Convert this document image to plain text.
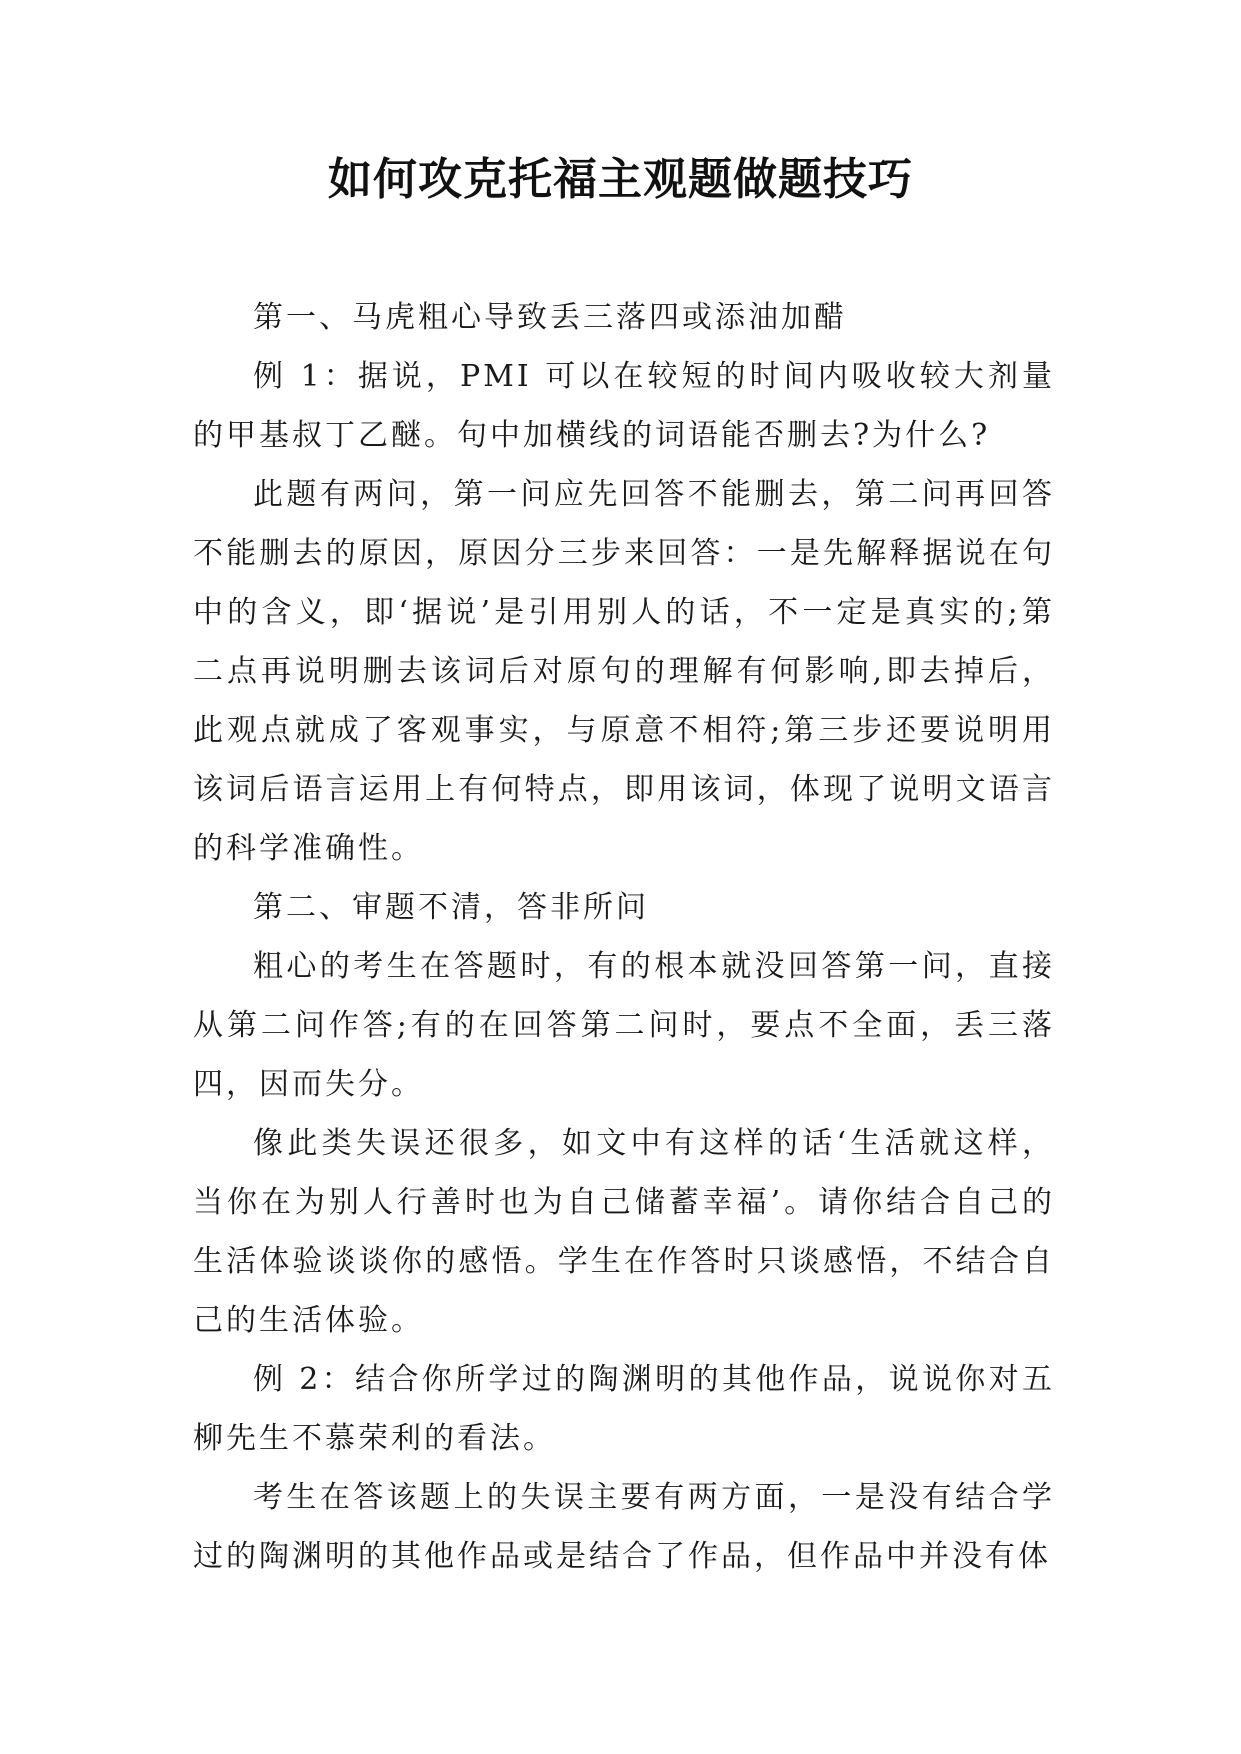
如何攻克托福主观题做题技巧

第一、马虎粗心导致丢三落四或添油加醋

例 1：据说，PMI 可以在较短的时间内吸收较大剂量的甲基叔丁乙醚。句中加横线的词语能否删去?为什么?

此题有两问，第一问应先回答不能删去，第二问再回答不能删去的原因，原因分三步来回答：一是先解释据说在句中的含义，即‘据说’是引用别人的话，不一定是真实的;第二点再说明删去该词后对原句的理解有何影响,即去掉后，此观点就成了客观事实，与原意不相符;第三步还要说明用该词后语言运用上有何特点，即用该词，体现了说明文语言的科学准确性。

第二、审题不清，答非所问

粗心的考生在答题时，有的根本就没回答第一问，直接从第二问作答;有的在回答第二问时，要点不全面，丢三落四，因而失分。

像此类失误还很多，如文中有这样的话‘生活就这样，当你在为别人行善时也为自己储蓄幸福’。请你结合自己的生活体验谈谈你的感悟。学生在作答时只谈感悟，不结合自己的生活体验。

例 2：结合你所学过的陶渊明的其他作品，说说你对五柳先生不慕荣利的看法。

考生在答该题上的失误主要有两方面，一是没有结合学过的陶渊明的其他作品或是结合了作品，但作品中并没有体
